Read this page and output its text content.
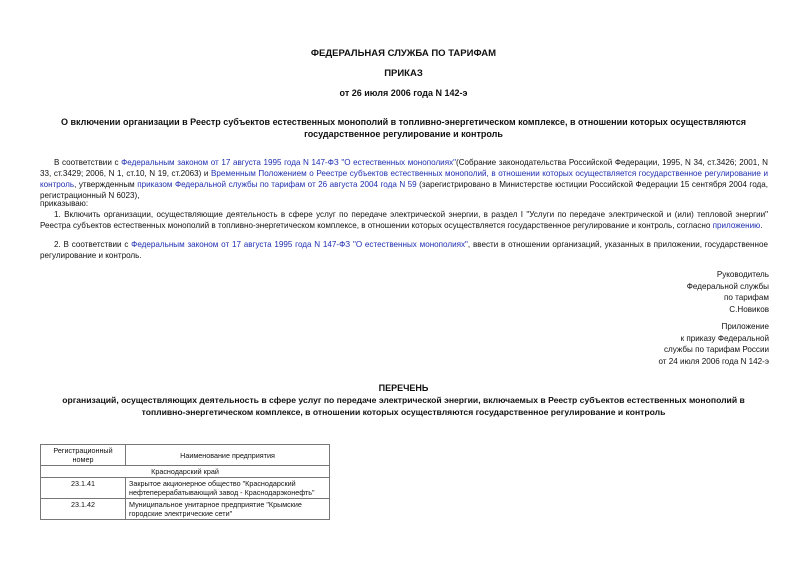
ФЕДЕРАЛЬНАЯ СЛУЖБА ПО ТАРИФАМ
ПРИКАЗ
от 26 июля 2006 года N 142-э
О включении организации в Реестр субъектов естественных монополий в топливно-энергетическом комплексе, в отношении которых осуществляются
государственное регулирование и контроль
В соответствии с Федеральным законом от 17 августа 1995 года N 147-ФЗ "О естественных монополиях"(Собрание законодательства Российской Федерации, 1995, N 34, ст.3426; 2001, N 33, ст.3429; 2006, N 1, ст.10, N 19, ст.2063) и Временным Положением о Реестре субъектов естественных монополий, в отношении которых осуществляется государственное регулирование и контроль, утвержденным приказом Федеральной службы по тарифам от 26 августа 2004 года N 59 (зарегистрировано в Министерстве юстиции Российской Федерации 15 сентября 2004 года, регистрационный N 6023),
приказываю:
1. Включить организации, осуществляющие деятельность в сфере услуг по передаче электрической энергии, в раздел I "Услуги по передаче электрической и (или) тепловой энергии" Реестра субъектов естественных монополий в топливно-энергетическом комплексе, в отношении которых осуществляется государственное регулирование и контроль, согласно приложению.
2. В соответствии с Федеральным законом от 17 августа 1995 года N 147-ФЗ "О естественных монополиях", ввести в отношении организаций, указанных в приложении, государственное регулирование и контроль.
Руководитель
Федеральной службы
по тарифам
С.Новиков
Приложение
к приказу Федеральной
службы по тарифам России
от 24 июля 2006 года N 142-э
ПЕРЕЧЕНЬ
организаций, осуществляющих деятельность в сфере услуг по передаче электрической энергии, включаемых в Реестр субъектов естественных монополий в
топливно-энергетическом комплексе, в отношении которых осуществляются государственное регулирование и контроль
Регистрационный номер	Наименование предприятия
Краснодарский край	
23.1.41	Закрытое акционерное общество "Краснодарский нефтеперерабатывающий завод - Краснодарэконефть"
23.1.42	Муниципальное унитарное предприятие "Крымские городские электрические сети"
